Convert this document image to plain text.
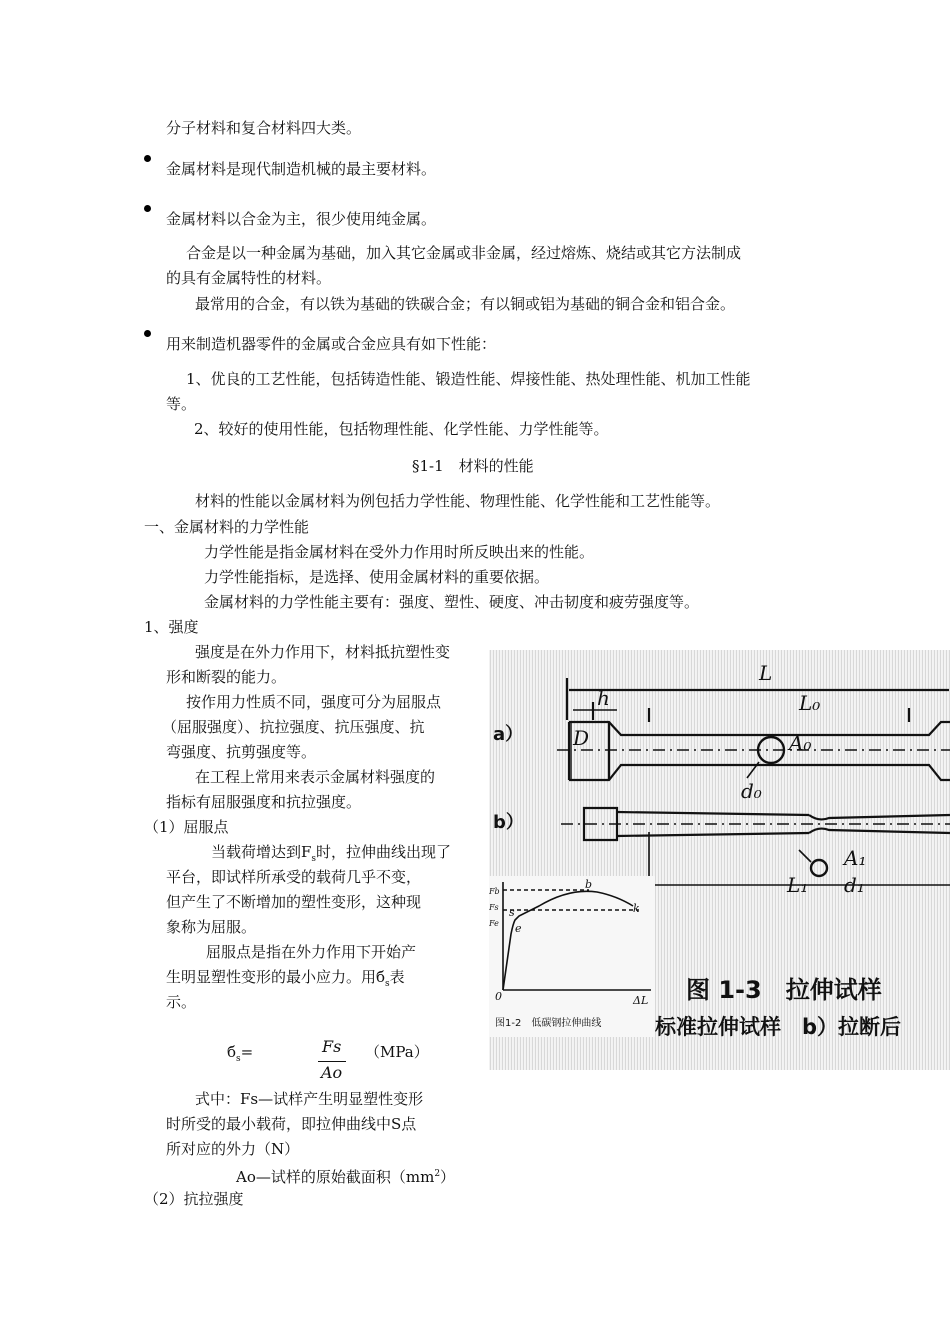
分子材料和复合材料四大类。
金属材料是现代制造机械的最主要材料。
金属材料以合金为主，很少使用纯金属。
合金是以一种金属为基础，加入其它金属或非金属，经过熔炼、烧结或其它方法制成
的具有金属特性的材料。
最常用的合金，有以铁为基础的铁碳合金；有以铜或铝为基础的铜合金和铝合金。
用来制造机器零件的金属或合金应具有如下性能：
1、优良的工艺性能，包括铸造性能、锻造性能、焊接性能、热处理性能、机加工性能
等。
2、较好的使用性能，包括物理性能、化学性能、力学性能等。
§1-1　材料的性能
材料的性能以金属材料为例包括力学性能、物理性能、化学性能和工艺性能等。
一、金属材料的力学性能
力学性能是指金属材料在受外力作用时所反映出来的性能。
力学性能指标，是选择、使用金属材料的重要依据。
金属材料的力学性能主要有：强度、塑性、硬度、冲击韧度和疲劳强度等。
1、强度
强度是在外力作用下，材料抵抗塑性变
形和断裂的能力。
按作用力性质不同，强度可分为屈服点
（屈服强度）、抗拉强度、抗压强度、抗
弯强度、抗剪强度等。
在工程上常用来表示金属材料强度的
指标有屈服强度和抗拉强度。
（1）屈服点
当载荷增达到$F_s$时，拉伸曲线出现了
平台，即试样所承受的载荷几乎不变，
但产生了不断增加的塑性变形，这种现
象称为屈服。
屈服点是指在外力作用下开始产
生明显塑性变形的最小应力。用$б_s$表
示。
$б_s=$	Fs
Ao
（MPa）
式中：Fs—试样产生明显塑性变形
时所受的最小载荷，即拉伸曲线中S点
所对应的外力（N）
Ao—试样的原始截面积$(mm^2)$
（2）抗拉强度
L
L₀
h
D	A₀
d₀
A₁
d₁
L₁
a）
b）
图 1-3　拉伸试样
标准拉伸试样　b）拉断后
b
s
e
k
ΔL
0
Fb
Fs
Fe
图1-2　低碳钢拉伸曲线
